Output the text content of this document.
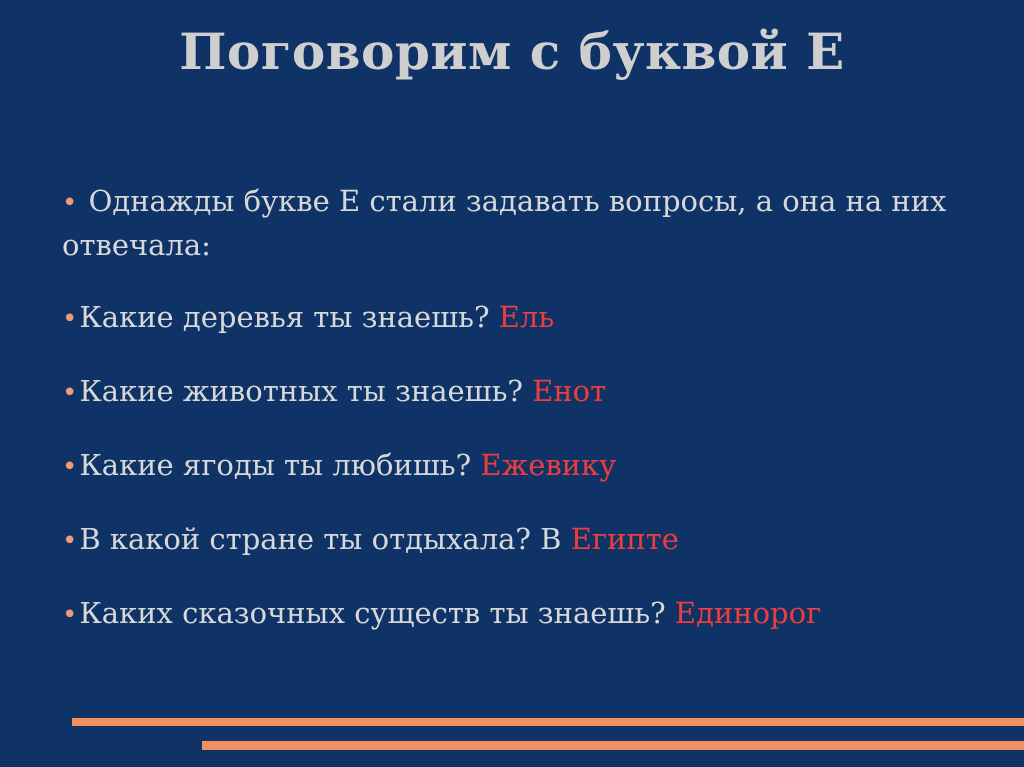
Поговорим с буквой Е
• Однажды букве Е стали задавать вопросы, а она на них отвечала:
•Какие деревья ты знаешь? Ель
•Какие животных ты знаешь? Енот
•Какие ягоды ты любишь? Ежевику
•В какой стране ты отдыхала? В Египте
•Каких сказочных существ ты знаешь? Единорог
